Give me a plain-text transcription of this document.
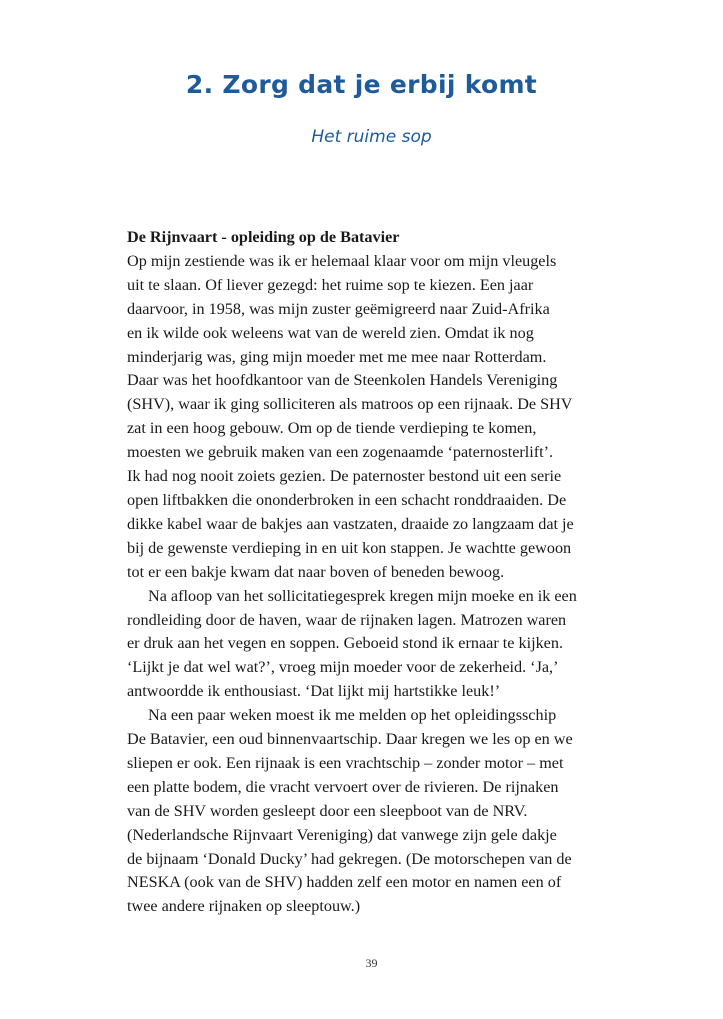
2. Zorg dat je erbij komt
Het ruime sop
De Rijnvaart - opleiding op de Batavier
Op mijn zestiende was ik er helemaal klaar voor om mijn vleugels
uit te slaan. Of liever gezegd: het ruime sop te kiezen. Een jaar
daarvoor, in 1958, was mijn zuster geëmigreerd naar Zuid-Afrika
en ik wilde ook weleens wat van de wereld zien. Omdat ik nog
minderjarig was, ging mijn moeder met me mee naar Rotterdam.
Daar was het hoofdkantoor van de Steenkolen Handels Vereniging
(SHV), waar ik ging solliciteren als matroos op een rijnaak. De SHV
zat in een hoog gebouw. Om op de tiende verdieping te komen,
moesten we gebruik maken van een zogenaamde ‘paternosterlift’.
Ik had nog nooit zoiets gezien. De paternoster bestond uit een serie
open liftbakken die ononderbroken in een schacht ronddraaiden. De
dikke kabel waar de bakjes aan vastzaten, draaide zo langzaam dat je
bij de gewenste verdieping in en uit kon stappen. Je wachtte gewoon
tot er een bakje kwam dat naar boven of beneden bewoog.
Na afloop van het sollicitatiegesprek kregen mijn moeke en ik een
rondleiding door de haven, waar de rijnaken lagen. Matrozen waren
er druk aan het vegen en soppen. Geboeid stond ik ernaar te kijken.
‘Lijkt je dat wel wat?’, vroeg mijn moeder voor de zekerheid. ‘Ja,’
antwoordde ik enthousiast. ‘Dat lijkt mij hartstikke leuk!’
Na een paar weken moest ik me melden op het opleidingsschip
De Batavier, een oud binnenvaartschip. Daar kregen we les op en we
sliepen er ook. Een rijnaak is een vrachtschip – zonder motor – met
een platte bodem, die vracht vervoert over de rivieren. De rijnaken
van de SHV worden gesleept door een sleepboot van de NRV.
(Nederlandsche Rijnvaart Vereniging) dat vanwege zijn gele dakje
de bijnaam ‘Donald Ducky’ had gekregen. (De motorschepen van de
NESKA (ook van de SHV) hadden zelf een motor en namen een of
twee andere rijnaken op sleeptouw.)
39
